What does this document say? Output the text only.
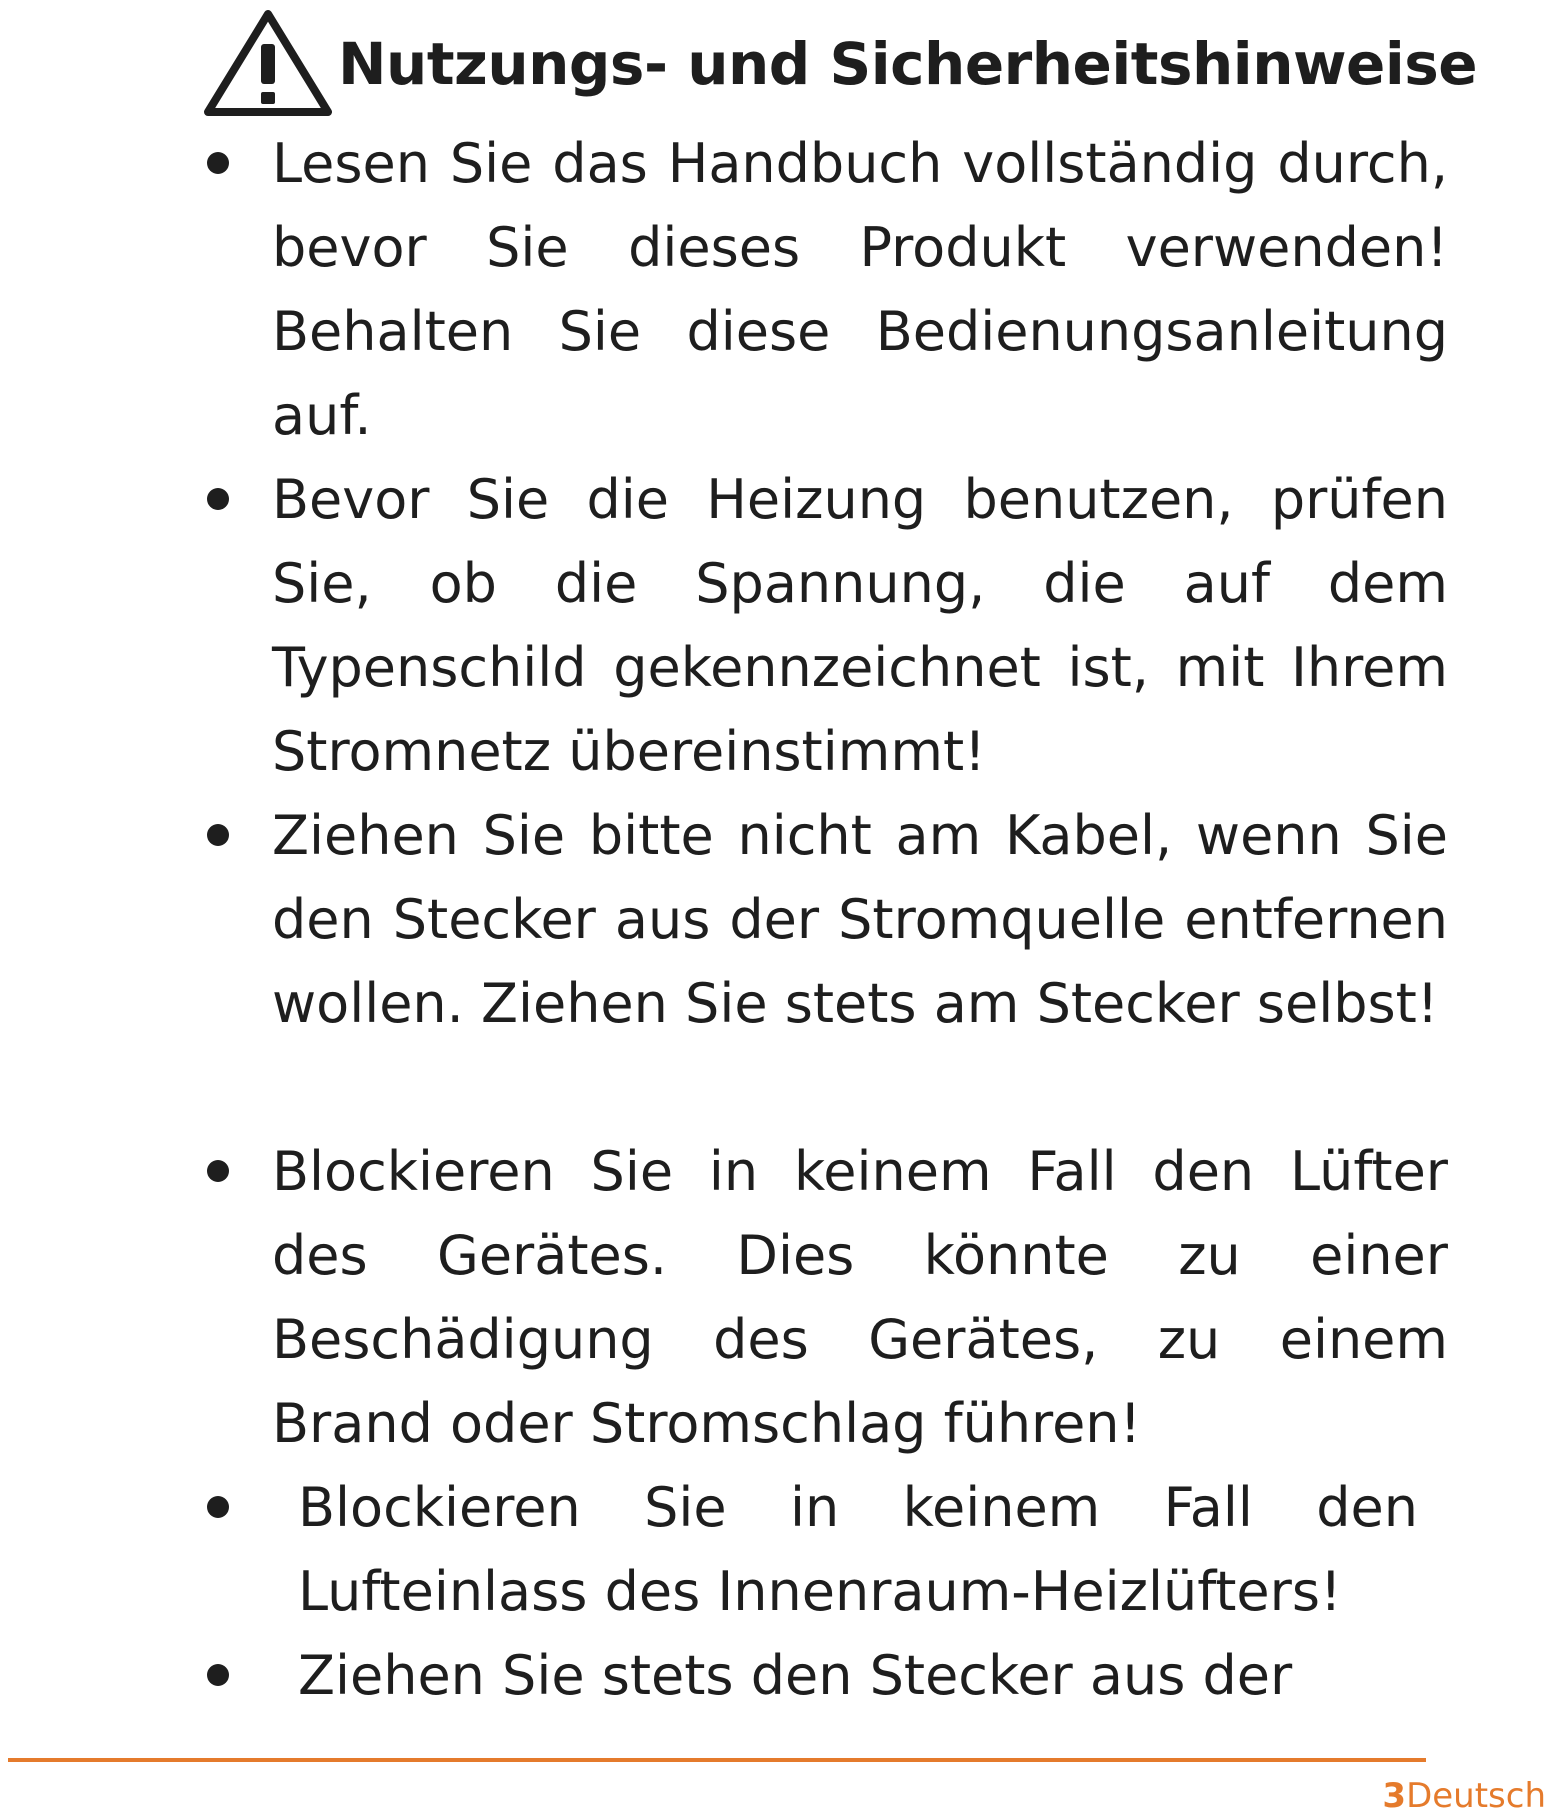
Nutzungs- und Sicherheitshinweise
Lesen Sie das Handbuch vollständig durch, bevor Sie dieses Produkt verwenden! Behalten Sie diese Bedienungsanleitung auf.
Bevor Sie die Heizung benutzen, prüfen Sie, ob die Spannung, die auf dem Typenschild gekennzeichnet ist, mit Ihrem Stromnetz übereinstimmt!
Ziehen Sie bitte nicht am Kabel, wenn Sie den Stecker aus der Stromquelle entfernen wollen. Ziehen Sie stets am Stecker selbst!
Blockieren Sie in keinem Fall den Lüfter des Gerätes. Dies könnte zu einer Beschädigung des Gerätes, zu einem Brand oder Stromschlag führen!
Blockieren Sie in keinem Fall den Lufteinlass des Innenraum-Heizlüfters!
Ziehen Sie stets den Stecker aus der
3Deutsch
